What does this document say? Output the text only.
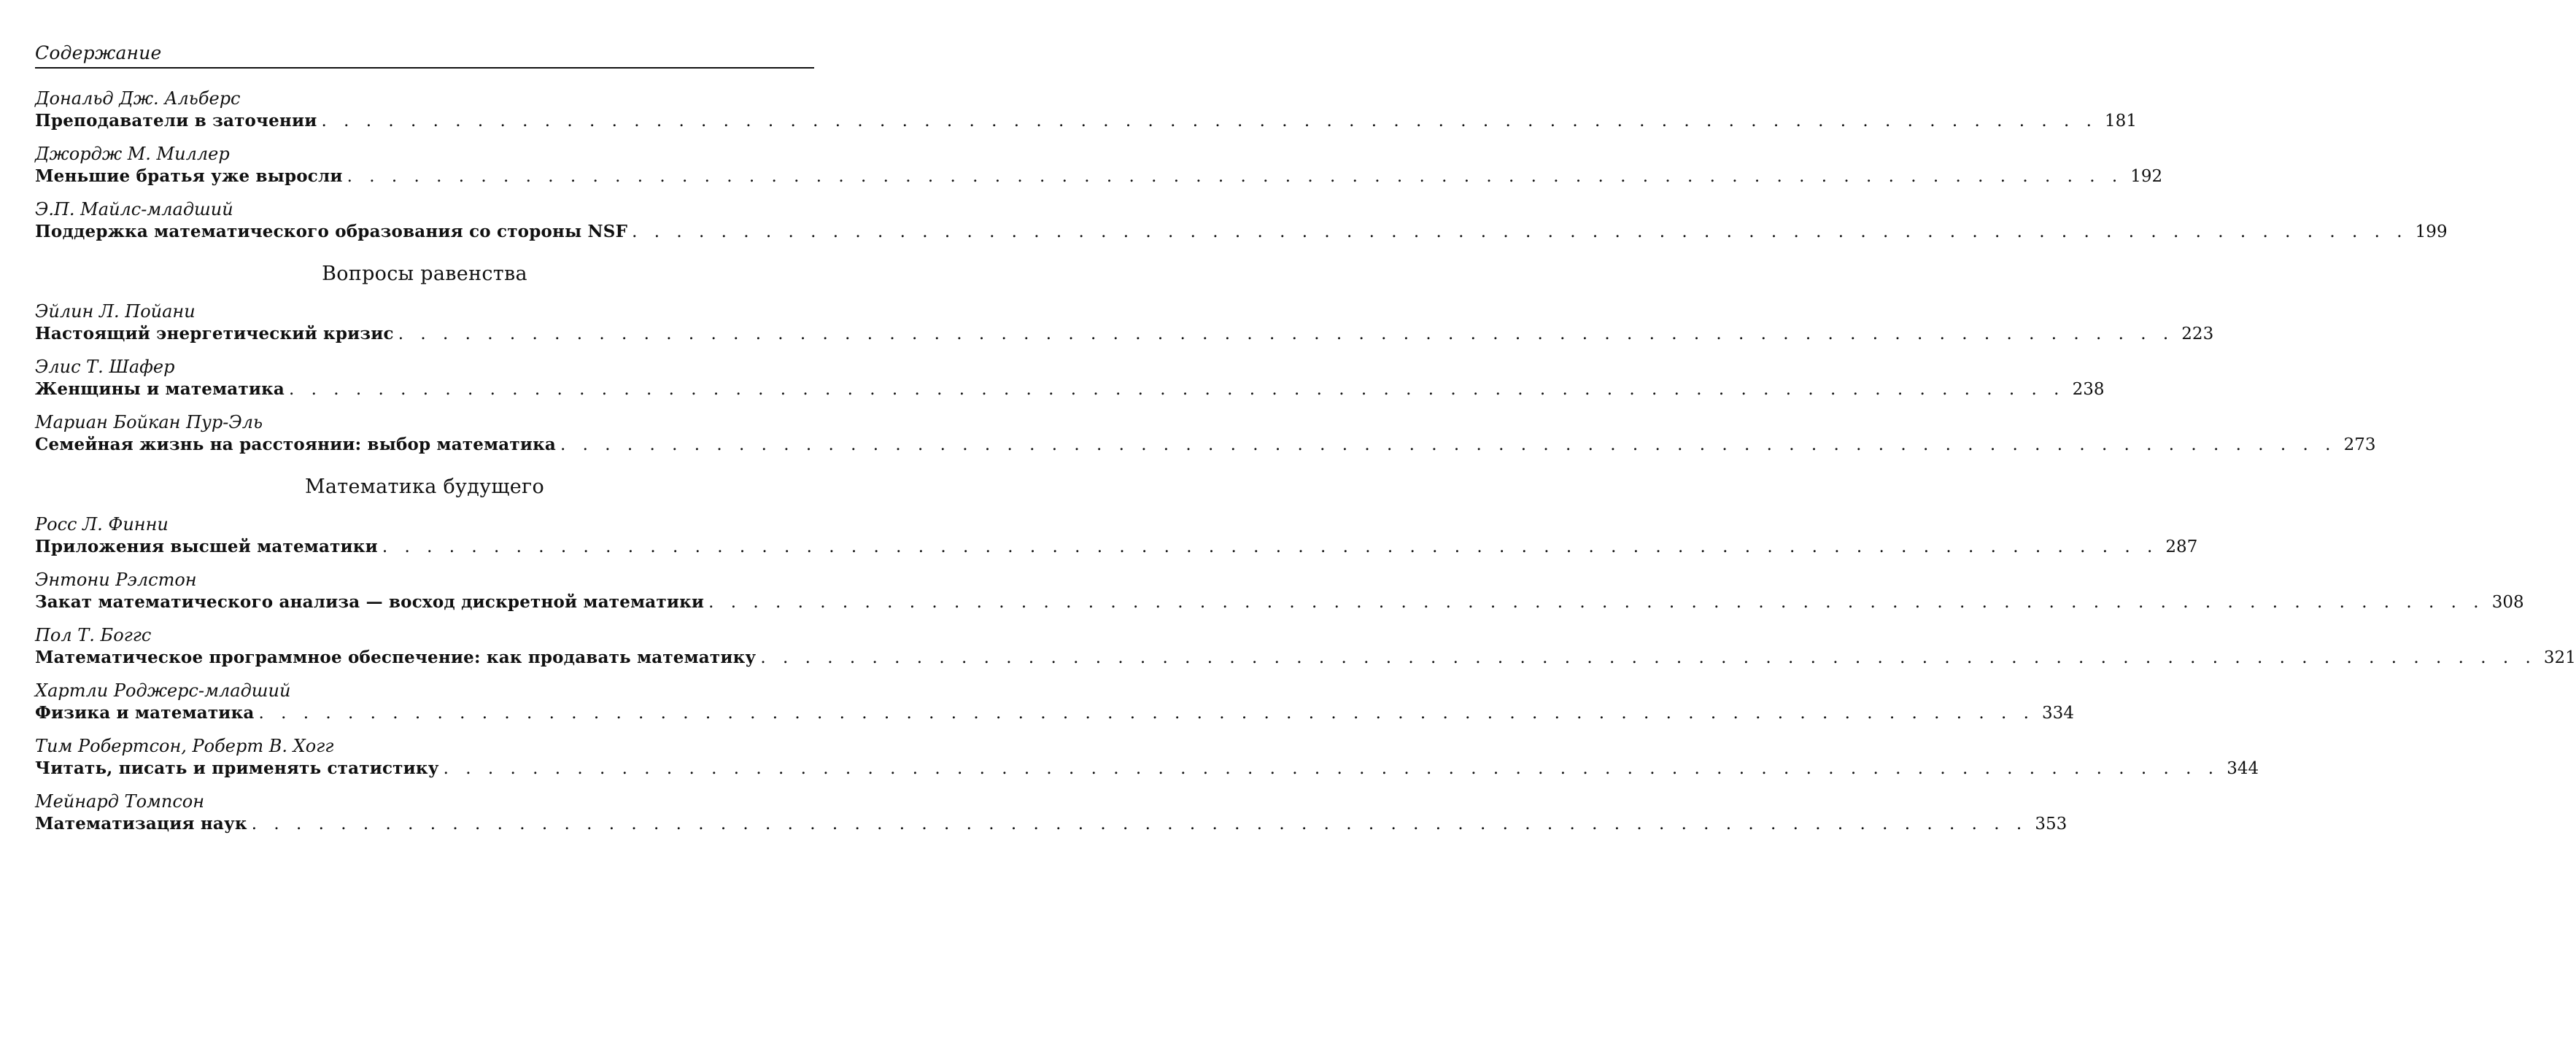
Содержание
Дональд Дж. Альберс
Преподаватели в заточении . . . . . . . . . . . . . . . . . . . . . . . . . . . . . . . . . . . . . . . . . . . . . . . . . . . . . . . . . . . . . . . . . . . . . . . . . . . . . . . . 181
Джордж М. Миллер
Меньшие братья уже выросли . . . . . . . . . . . . . . . . . . . . . . . . . . . . . . . . . . . . . . . . . . . . . . . . . . . . . . . . . . . . . . . . . . . . . . . . . . . . . . . . 192
Э.П. Майлс-младший
Поддержка математического образования со стороны NSF . . . . . . . . . . . . . . . . . . . . . . . . . . . . . . . . . . . . . . . . . . . . . . . . . . . . . . . . . . . . . . . . . . . . . . . . . . . . . . . . 199
Вопросы равенства
Эйлин Л. Пойани
Настоящий энергетический кризис . . . . . . . . . . . . . . . . . . . . . . . . . . . . . . . . . . . . . . . . . . . . . . . . . . . . . . . . . . . . . . . . . . . . . . . . . . . . . . . . 223
Элис Т. Шафер
Женщины и математика . . . . . . . . . . . . . . . . . . . . . . . . . . . . . . . . . . . . . . . . . . . . . . . . . . . . . . . . . . . . . . . . . . . . . . . . . . . . . . . . 238
Мариан Бойкан Пур-Эль
Семейная жизнь на расстоянии: выбор математика . . . . . . . . . . . . . . . . . . . . . . . . . . . . . . . . . . . . . . . . . . . . . . . . . . . . . . . . . . . . . . . . . . . . . . . . . . . . . . . . 273
Математика будущего
Росс Л. Финни
Приложения высшей математики . . . . . . . . . . . . . . . . . . . . . . . . . . . . . . . . . . . . . . . . . . . . . . . . . . . . . . . . . . . . . . . . . . . . . . . . . . . . . . . . 287
Энтони Рэлстон
Закат математического анализа — восход дискретной математики . . . . . . . . . . . . . . . . . . . . . . . . . . . . . . . . . . . . . . . . . . . . . . . . . . . . . . . . . . . . . . . . . . . . . . . . . . . . . . . . 308
Пол Т. Боггс
Математическое программное обеспечение: как продавать математику . . . . . . . . . . . . . . . . . . . . . . . . . . . . . . . . . . . . . . . . . . . . . . . . . . . . . . . . . . . . . . . . . . . . . . . . . . . . . . . . 321
Хартли Роджерс-младший
Физика и математика . . . . . . . . . . . . . . . . . . . . . . . . . . . . . . . . . . . . . . . . . . . . . . . . . . . . . . . . . . . . . . . . . . . . . . . . . . . . . . . . 334
Тим Робертсон, Роберт В. Хогг
Читать, писать и применять статистику . . . . . . . . . . . . . . . . . . . . . . . . . . . . . . . . . . . . . . . . . . . . . . . . . . . . . . . . . . . . . . . . . . . . . . . . . . . . . . . . 344
Мейнард Томпсон
Математизация наук . . . . . . . . . . . . . . . . . . . . . . . . . . . . . . . . . . . . . . . . . . . . . . . . . . . . . . . . . . . . . . . . . . . . . . . . . . . . . . . . 353
